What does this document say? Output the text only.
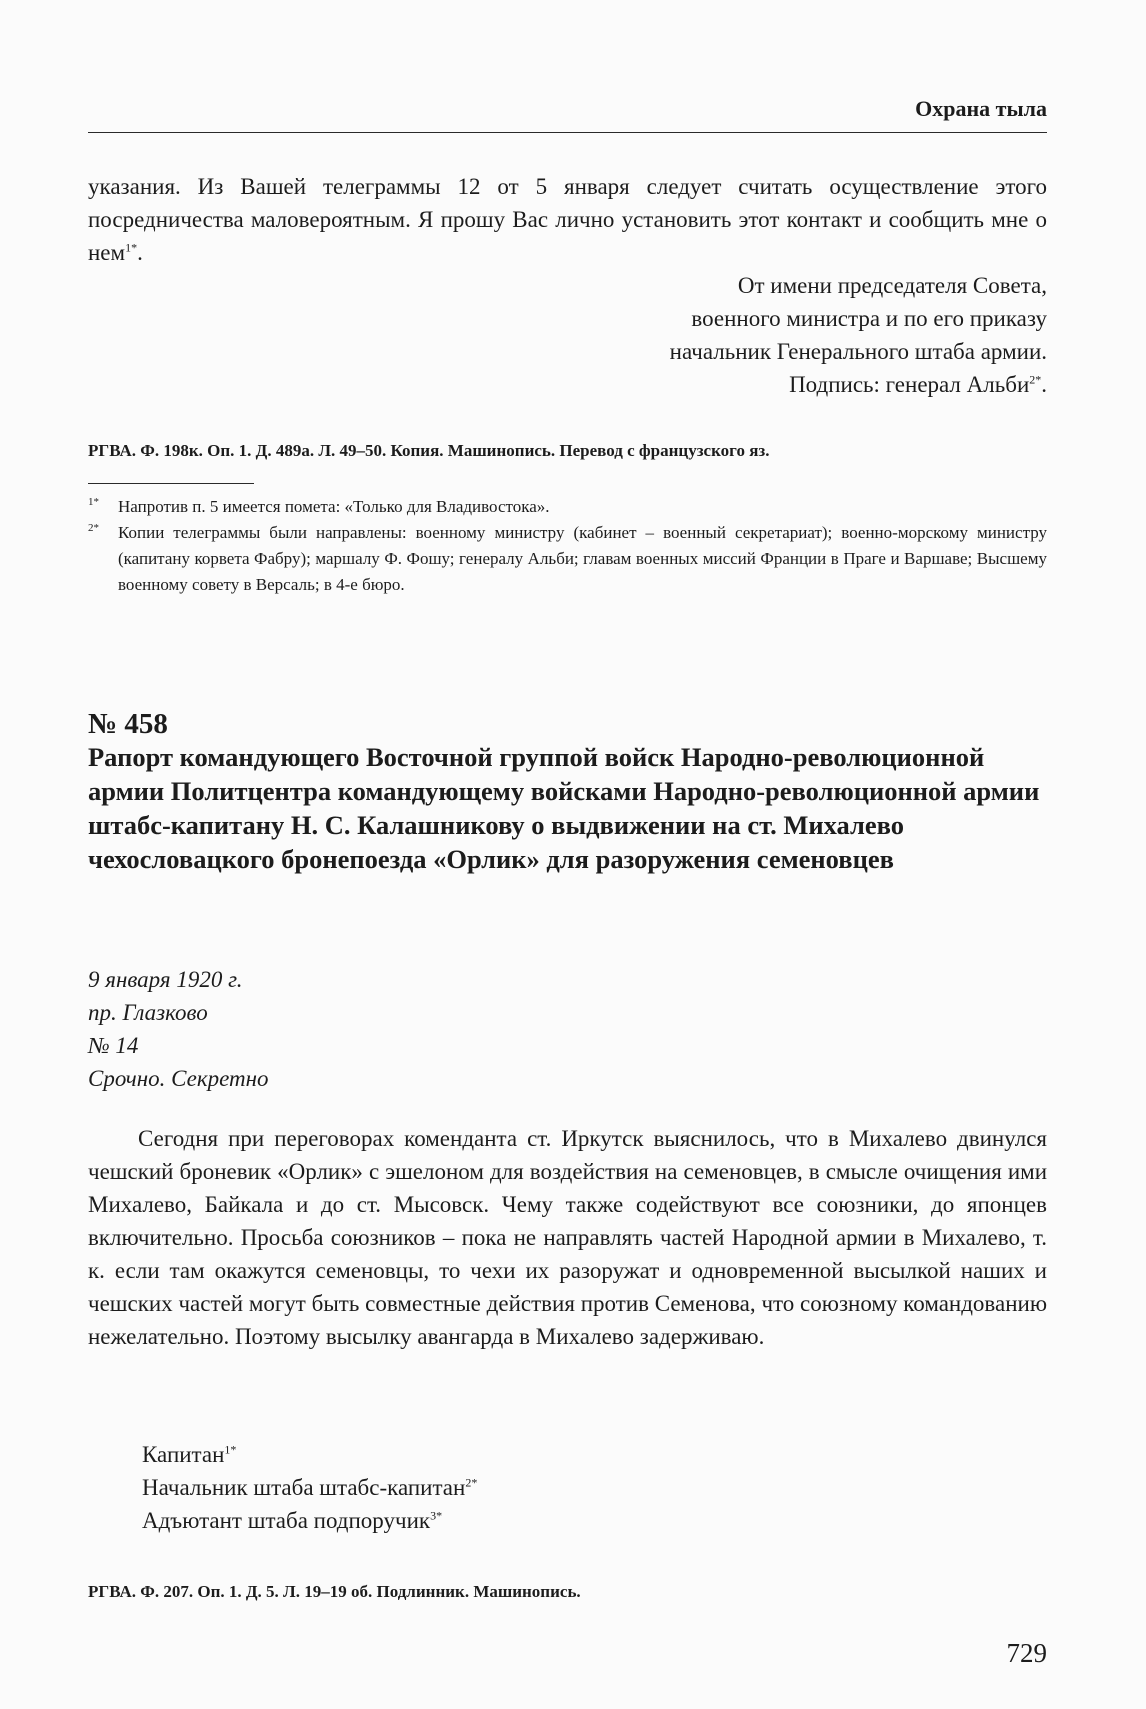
Охрана тыла
указания. Из Вашей телеграммы 12 от 5 января следует считать осуществление этого посредничества маловероятным. Я прошу Вас лично установить этот контакт и сообщить мне о нем$^{1*}$.
От имени председателя Совета,
военного министра и по его приказу
начальник Генерального штаба армии.
Подпись: генерал Альби$^{2*}$.
РГВА. Ф. 198к. Оп. 1. Д. 489а. Л. 49–50. Копия. Машинопись. Перевод с французского яз.
1* Напротив п. 5 имеется помета: «Только для Владивостока».
2* Копии телеграммы были направлены: военному министру (кабинет – военный секретариат); военно-морскому министру (капитану корвета Фабру); маршалу Ф. Фошу; генералу Альби; главам военных миссий Франции в Праге и Варшаве; Высшему военному совету в Версаль; в 4-е бюро.
№ 458
Рапорт командующего Восточной группой войск Народно-революционной армии Политцентра командующему войсками Народно-революционной армии штабс-капитану Н. С. Калашникову о выдвижении на ст. Михалево чехословацкого бронепоезда «Орлик» для разоружения семеновцев
9 января 1920 г.
пр. Глазково
№ 14
Срочно. Секретно
Сегодня при переговорах коменданта ст. Иркутск выяснилось, что в Михалево двинулся чешский броневик «Орлик» с эшелоном для воздействия на семеновцев, в смысле очищения ими Михалево, Байкала и до ст. Мысовск. Чему также содействуют все союзники, до японцев включительно. Просьба союзников – пока не направлять частей Народной армии в Михалево, т. к. если там окажутся семеновцы, то чехи их разоружат и одновременной высылкой наших и чешских частей могут быть совместные действия против Семенова, что союзному командованию нежелательно. Поэтому высылку авангарда в Михалево задерживаю.
Капитан$^{1*}$
Начальник штаба штабс-капитан$^{2*}$
Адъютант штаба подпоручик$^{3*}$
РГВА. Ф. 207. Оп. 1. Д. 5. Л. 19–19 об. Подлинник. Машинопись.
729
